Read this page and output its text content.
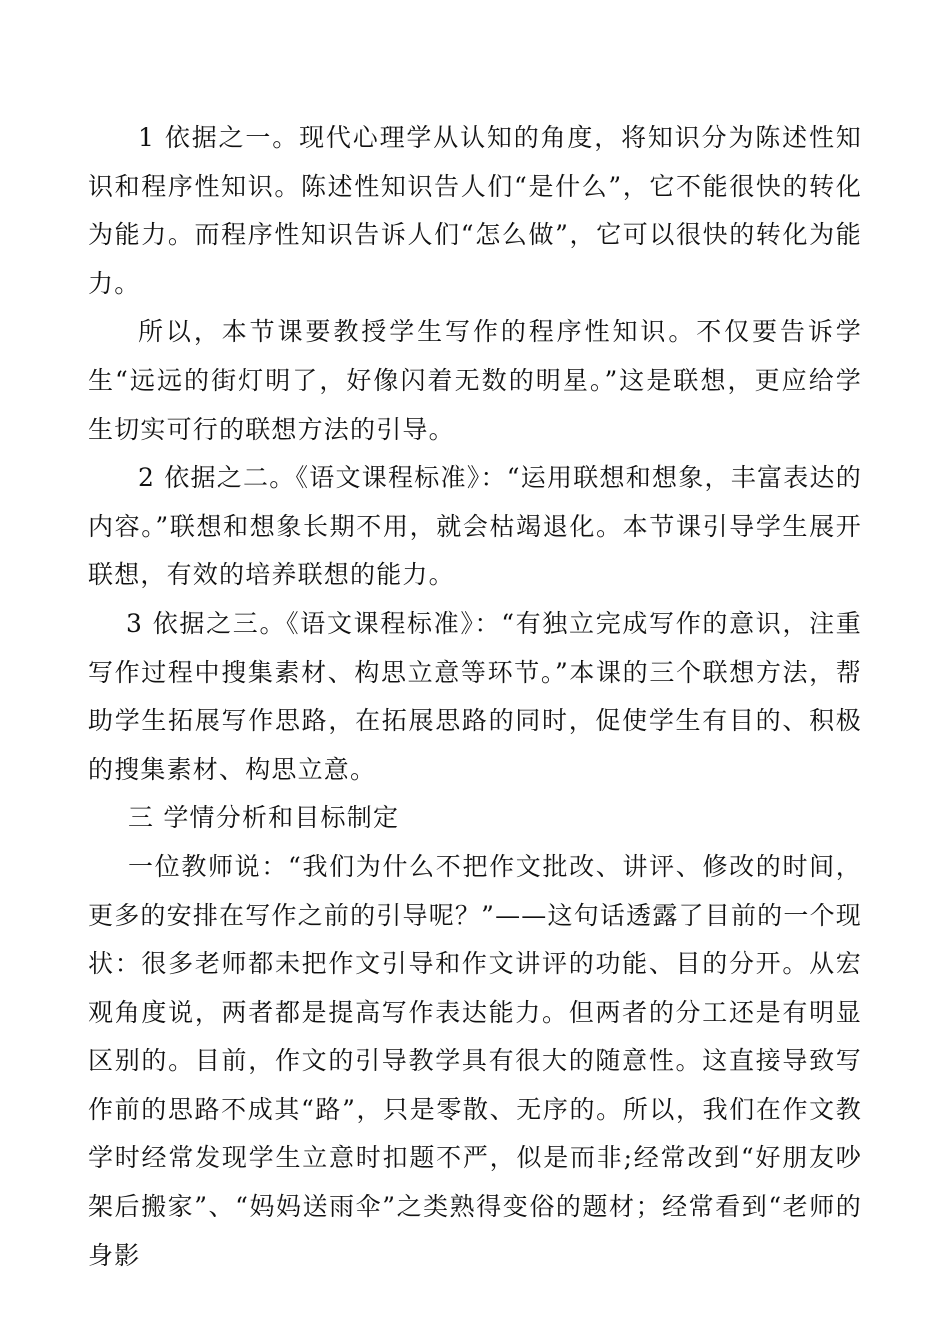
1 依据之一。现代心理学从认知的角度，将知识分为陈述性知识和程序性知识。陈述性知识告人们“是什么”，它不能很快的转化为能力。而程序性知识告诉人们“怎么做”，它可以很快的转化为能力。

所以，本节课要教授学生写作的程序性知识。不仅要告诉学生“远远的街灯明了，好像闪着无数的明星。”这是联想，更应给学生切实可行的联想方法的引导。

2 依据之二。《语文课程标准》：“运用联想和想象，丰富表达的内容。”联想和想象长期不用，就会枯竭退化。本节课引导学生展开联想，有效的培养联想的能力。

3 依据之三。《语文课程标准》：“有独立完成写作的意识，注重写作过程中搜集素材、构思立意等环节。”本课的三个联想方法，帮助学生拓展写作思路，在拓展思路的同时，促使学生有目的、积极的搜集素材、构思立意。

三 学情分析和目标制定

一位教师说：“我们为什么不把作文批改、讲评、修改的时间，更多的安排在写作之前的引导呢？”——这句话透露了目前的一个现状：很多老师都未把作文引导和作文讲评的功能、目的分开。从宏观角度说，两者都是提高写作表达能力。但两者的分工还是有明显区别的。目前，作文的引导教学具有很大的随意性。这直接导致写作前的思路不成其“路”，只是零散、无序的。所以，我们在作文教学时经常发现学生立意时扣题不严，似是而非;经常改到“好朋友吵架后搬家”、“妈妈送雨伞”之类熟得变俗的题材；经常看到“老师的身影
